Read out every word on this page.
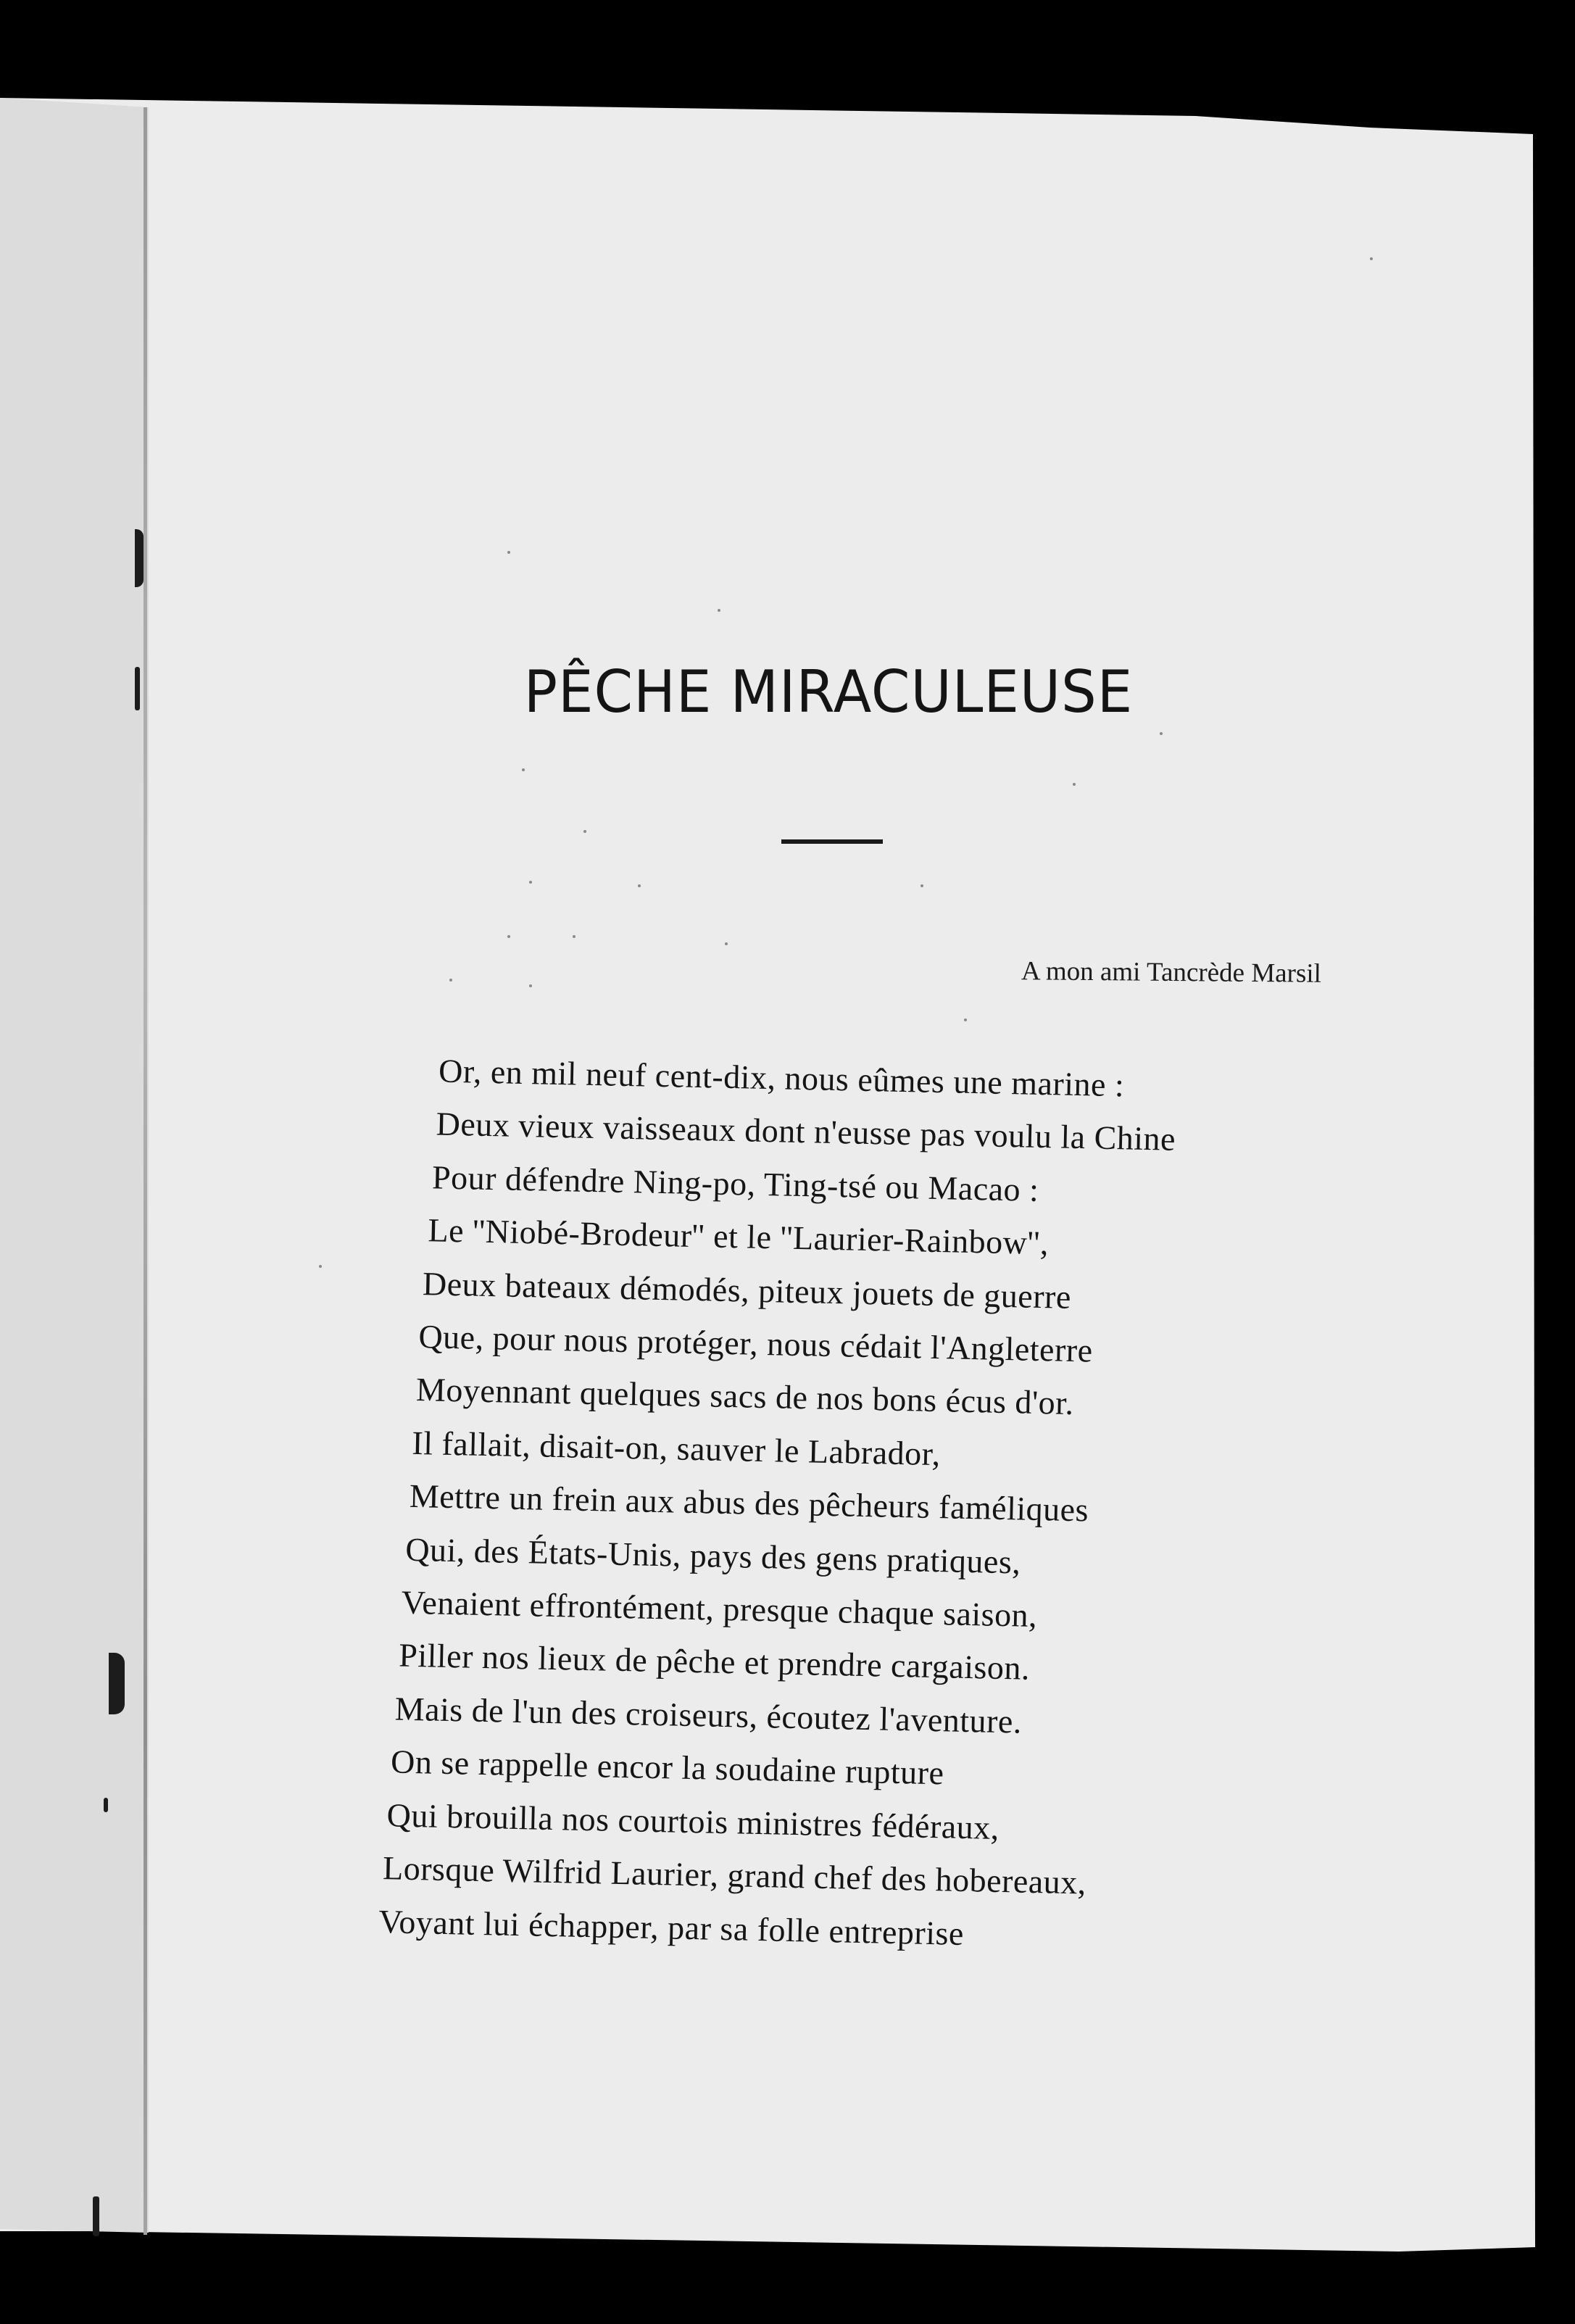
PÊCHE MIRACULEUSE

A mon ami Tancrède Marsil

Or, en mil neuf cent-dix, nous eûmes une marine :
Deux vieux vaisseaux dont n'eusse pas voulu la Chine
Pour défendre Ning-po, Ting-tsé ou Macao :
Le ''Niobé-Brodeur'' et le ''Laurier-Rainbow'',
Deux bateaux démodés, piteux jouets de guerre
Que, pour nous protéger, nous cédait l'Angleterre
Moyennant quelques sacs de nos bons écus d'or.
Il fallait, disait-on, sauver le Labrador,
Mettre un frein aux abus des pêcheurs faméliques
Qui, des États-Unis, pays des gens pratiques,
Venaient effrontément, presque chaque saison,
Piller nos lieux de pêche et prendre cargaison.
Mais de l'un des croiseurs, écoutez l'aventure.
On se rappelle encor la soudaine rupture
Qui brouilla nos courtois ministres fédéraux,
Lorsque Wilfrid Laurier, grand chef des hobereaux,
Voyant lui échapper, par sa folle entreprise
